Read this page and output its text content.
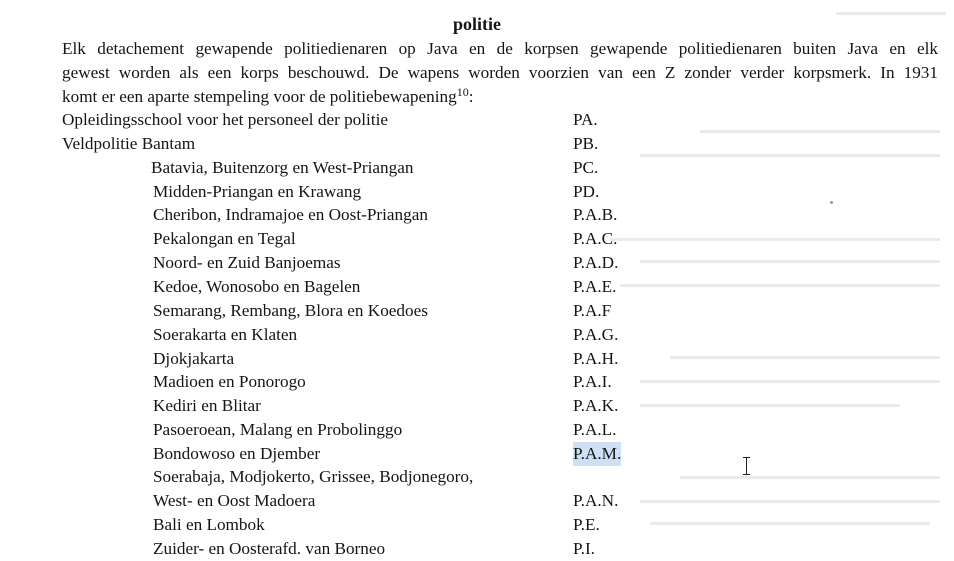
politie
Elk detachement gewapende politiedienaren op Java en de korpsen gewapende politiedienaren buiten Java en elk
gewest worden als een korps beschouwd. De wapens worden voorzien van een Z zonder verder korpsmerk. In 1931
komt er een aparte stempeling voor de politiebewapening$^{10}$:
Opleidingsschool voor het personeel der politie	PA.
Veldpolitie Bantam	PB.
Batavia, Buitenzorg en West-Priangan	PC.
Midden-Priangan en Krawang	PD.
Cheribon, Indramajoe en Oost-Priangan	P.A.B.
Pekalongan en Tegal	P.A.C.
Noord- en Zuid Banjoemas	P.A.D.
Kedoe, Wonosobo en Bagelen	P.A.E.
Semarang, Rembang, Blora en Koedoes	P.A.F
Soerakarta en Klaten	P.A.G.
Djokjakarta	P.A.H.
Madioen en Ponorogo	P.A.I.
Kediri en Blitar	P.A.K.
Pasoeroean, Malang en Probolinggo	P.A.L.
Bondowoso en Djember	P.A.M.
Soerabaja, Modjokerto, Grissee, Bodjonegoro,
West- en Oost Madoera	P.A.N.
Bali en Lombok	P.E.
Zuider- en Oosterafd. van Borneo	P.I.
